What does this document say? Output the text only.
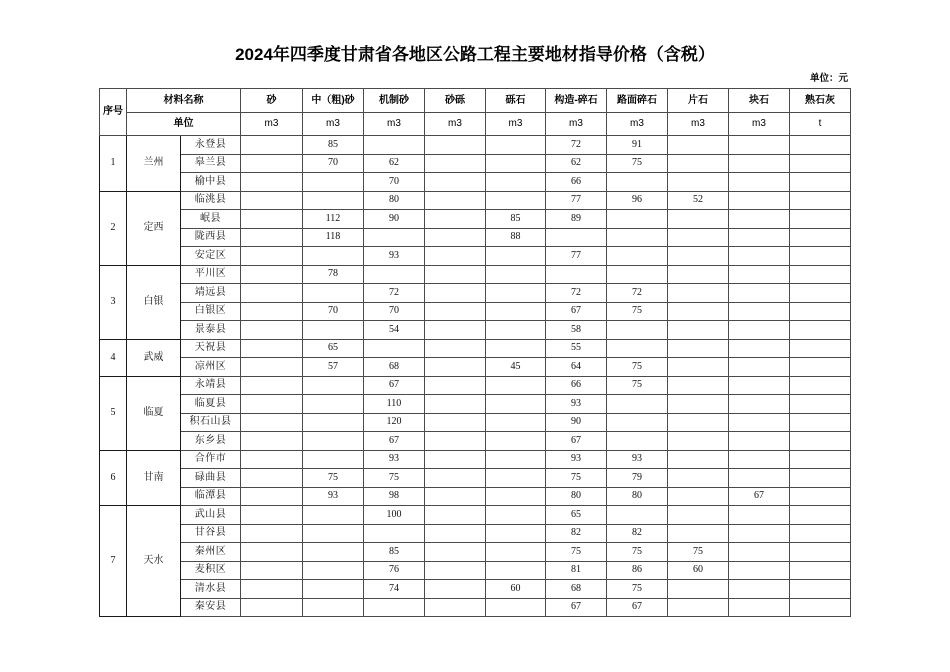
2024年四季度甘肃省各地区公路工程主要地材指导价格（含税）
单位：元
序号	材料名称		砂	中（粗)砂	机制砂	砂砾	砾石	构造-碎石	路面碎石	片石	块石	熟石灰
	单位		m3	m3	m3	m3	m3	m3	m3	m3	m3	t
1	兰州	永登县		85				72	91			
		皋兰县		70	62			62	75			
		榆中县			70			66				
2	定西	临洮县			80			77	96	52		
		岷县		112	90		85	89				
		陇西县		118			88					
		安定区			93			77				
3	白银	平川区		78								
		靖远县			72			72	72			
		白银区		70	70			67	75			
		景泰县			54			58				
4	武威	天祝县		65				55				
		凉州区		57	68		45	64	75			
5	临夏	永靖县			67			66	75			
		临夏县			110			93				
		积石山县			120			90				
		东乡县			67			67				
6	甘南	合作市			93			93	93			
		碌曲县		75	75			75	79			
		临潭县		93	98			80	80		67	
7	天水	武山县			100			65				
		甘谷县						82	82			
		秦州区			85			75	75	75		
		麦积区			76			81	86	60		
		清水县			74		60	68	75			
		秦安县						67	67			
